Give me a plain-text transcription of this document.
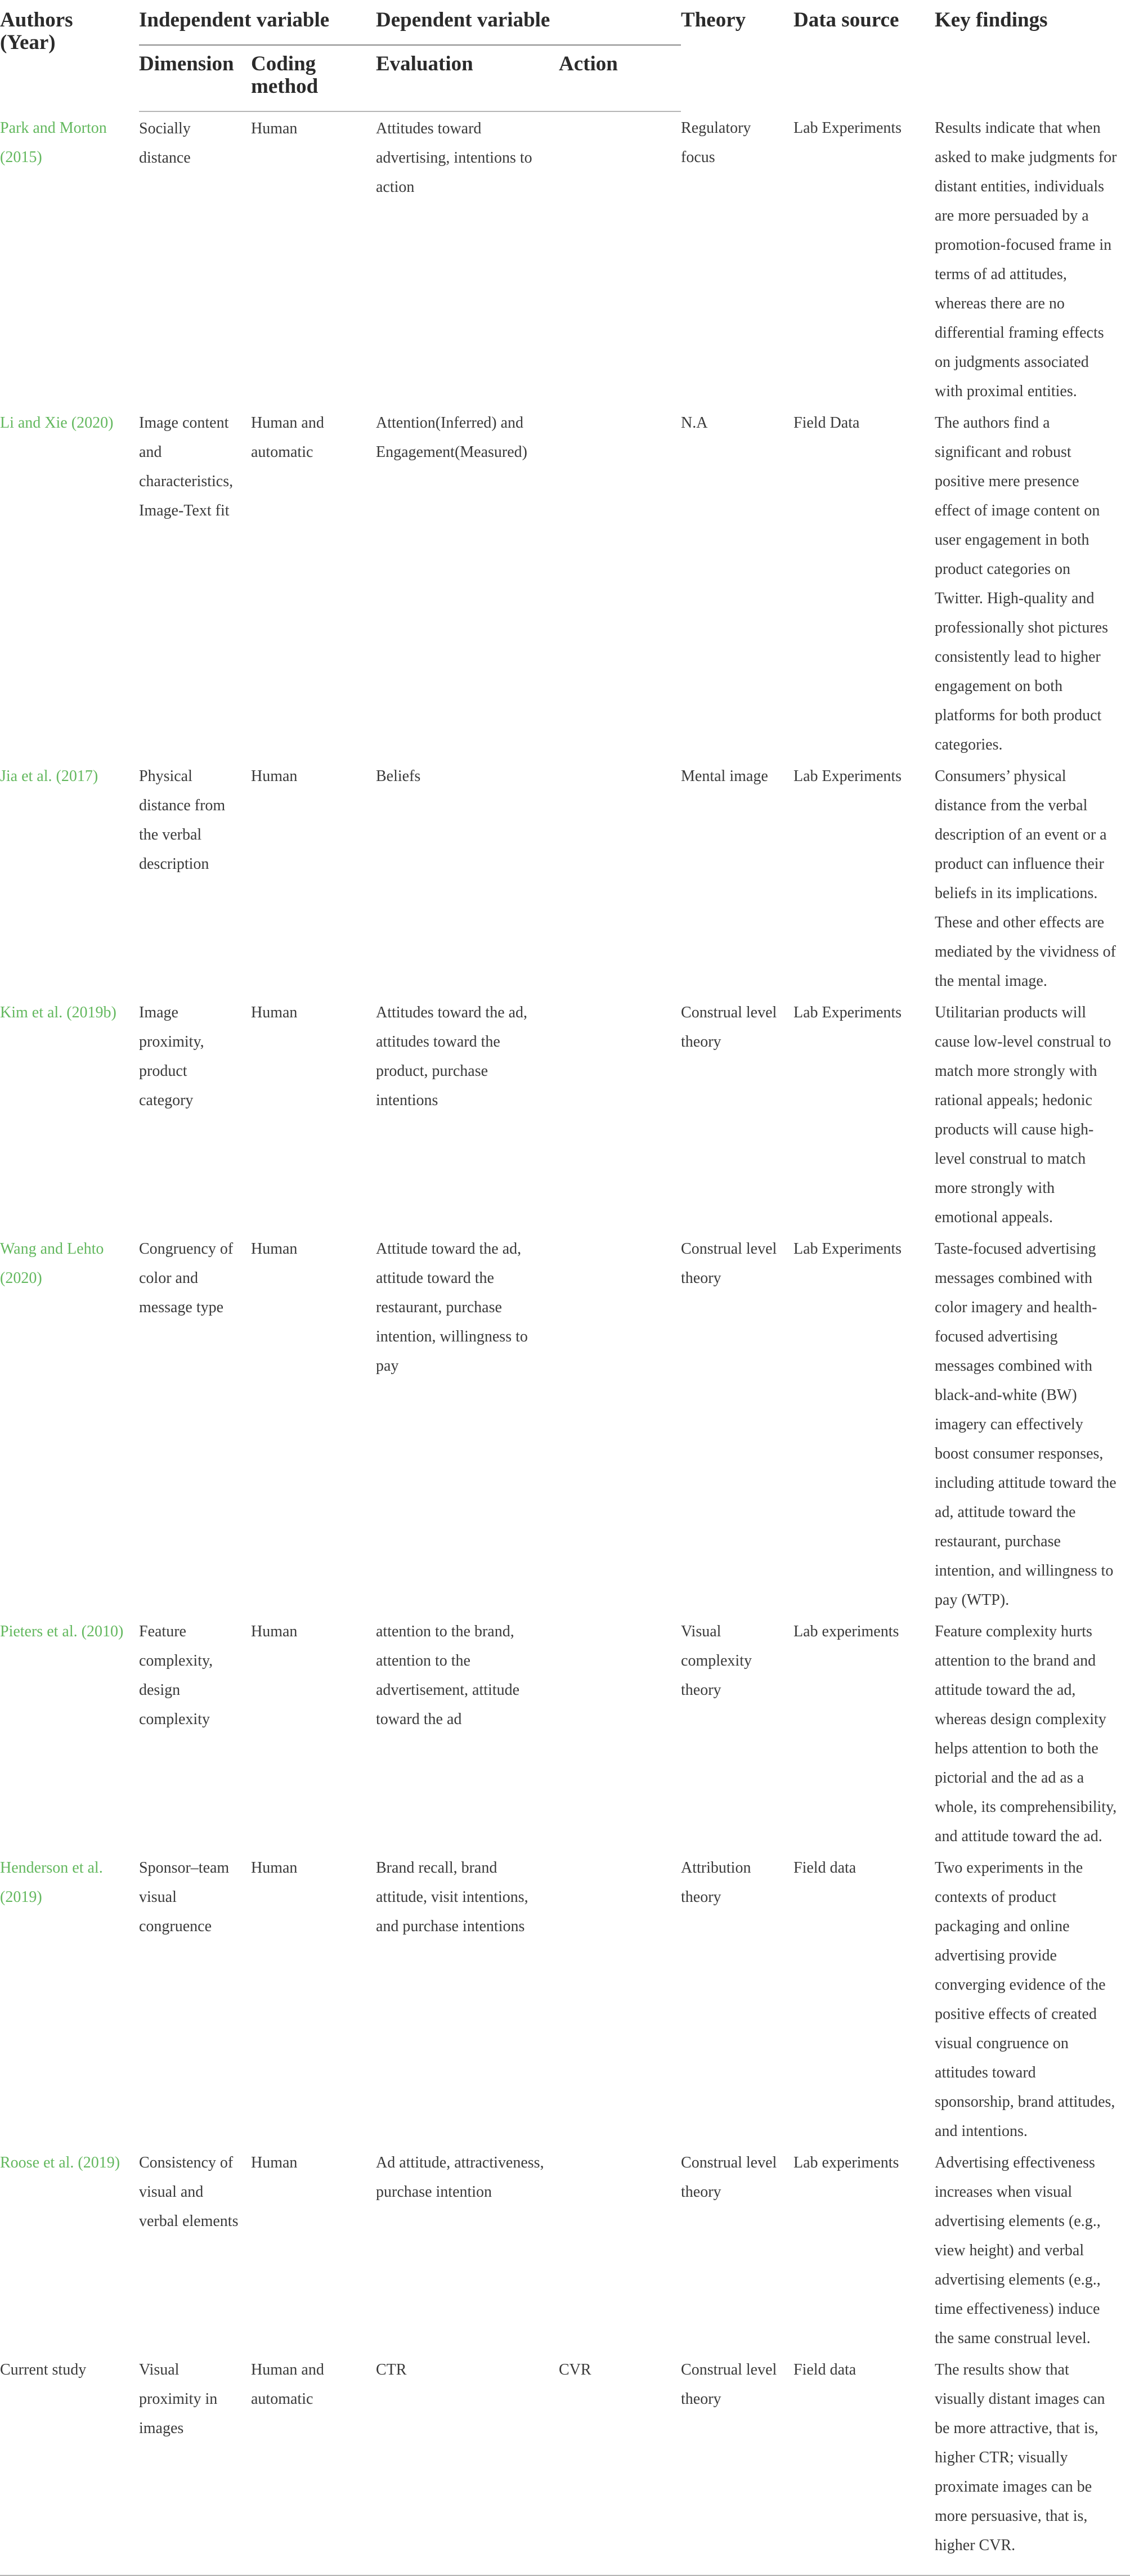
Authors (Year)	Independent variable		Dependent variable		Theory	Data source	Key findings
	Dimension	Coding method	Evaluation	Action			
Park and Morton (2015)	Socially distance	Human	Attitudes toward advertising, intentions to action		Regulatory focus	Lab Experiments	Results indicate that when asked to make judgments for distant entities, individuals are more persuaded by a promotion-focused frame in terms of ad attitudes, whereas there are no differential framing effects on judgments associated with proximal entities.
Li and Xie (2020)	Image content and characteristics, Image-Text fit	Human and automatic	Attention(Inferred) and Engagement(Measured)		N.A	Field Data	The authors find a significant and robust positive mere presence effect of image content on user engagement in both product categories on Twitter. High-quality and professionally shot pictures consistently lead to higher engagement on both platforms for both product categories.
Jia et al. (2017)	Physical distance from the verbal description	Human	Beliefs		Mental image	Lab Experiments	Consumers’ physical distance from the verbal description of an event or a product can influence their beliefs in its implications. These and other effects are mediated by the vividness of the mental image.
Kim et al. (2019b)	Image proximity, product category	Human	Attitudes toward the ad, attitudes toward the product, purchase intentions		Construal level theory	Lab Experiments	Utilitarian products will cause low-level construal to match more strongly with rational appeals; hedonic products will cause high-level construal to match more strongly with emotional appeals.
Wang and Lehto (2020)	Congruency of color and message type	Human	Attitude toward the ad, attitude toward the restaurant, purchase intention, willingness to pay		Construal level theory	Lab Experiments	Taste-focused advertising messages combined with color imagery and health-focused advertising messages combined with black-and-white (BW) imagery can effectively boost consumer responses, including attitude toward the ad, attitude toward the restaurant, purchase intention, and willingness to pay (WTP).
Pieters et al. (2010)	Feature complexity, design complexity	Human	attention to the brand, attention to the advertisement, attitude toward the ad		Visual complexity theory	Lab experiments	Feature complexity hurts attention to the brand and attitude toward the ad, whereas design complexity helps attention to both the pictorial and the ad as a whole, its comprehensibility, and attitude toward the ad.
Henderson et al. (2019)	Sponsor–team visual congruence	Human	Brand recall, brand attitude, visit intentions, and purchase intentions		Attribution theory	Field data	Two experiments in the contexts of product packaging and online advertising provide converging evidence of the positive effects of created visual congruence on attitudes toward sponsorship, brand attitudes, and intentions.
Roose et al. (2019)	Consistency of visual and verbal elements	Human	Ad attitude, attractiveness, purchase intention		Construal level theory	Lab experiments	Advertising effectiveness increases when visual advertising elements (e.g., view height) and verbal advertising elements (e.g., time effectiveness) induce the same construal level.
Current study	Visual proximity in images	Human and automatic	CTR	CVR	Construal level theory	Field data	The results show that visually distant images can be more attractive, that is, higher CTR; visually proximate images can be more persuasive, that is, higher CVR.
